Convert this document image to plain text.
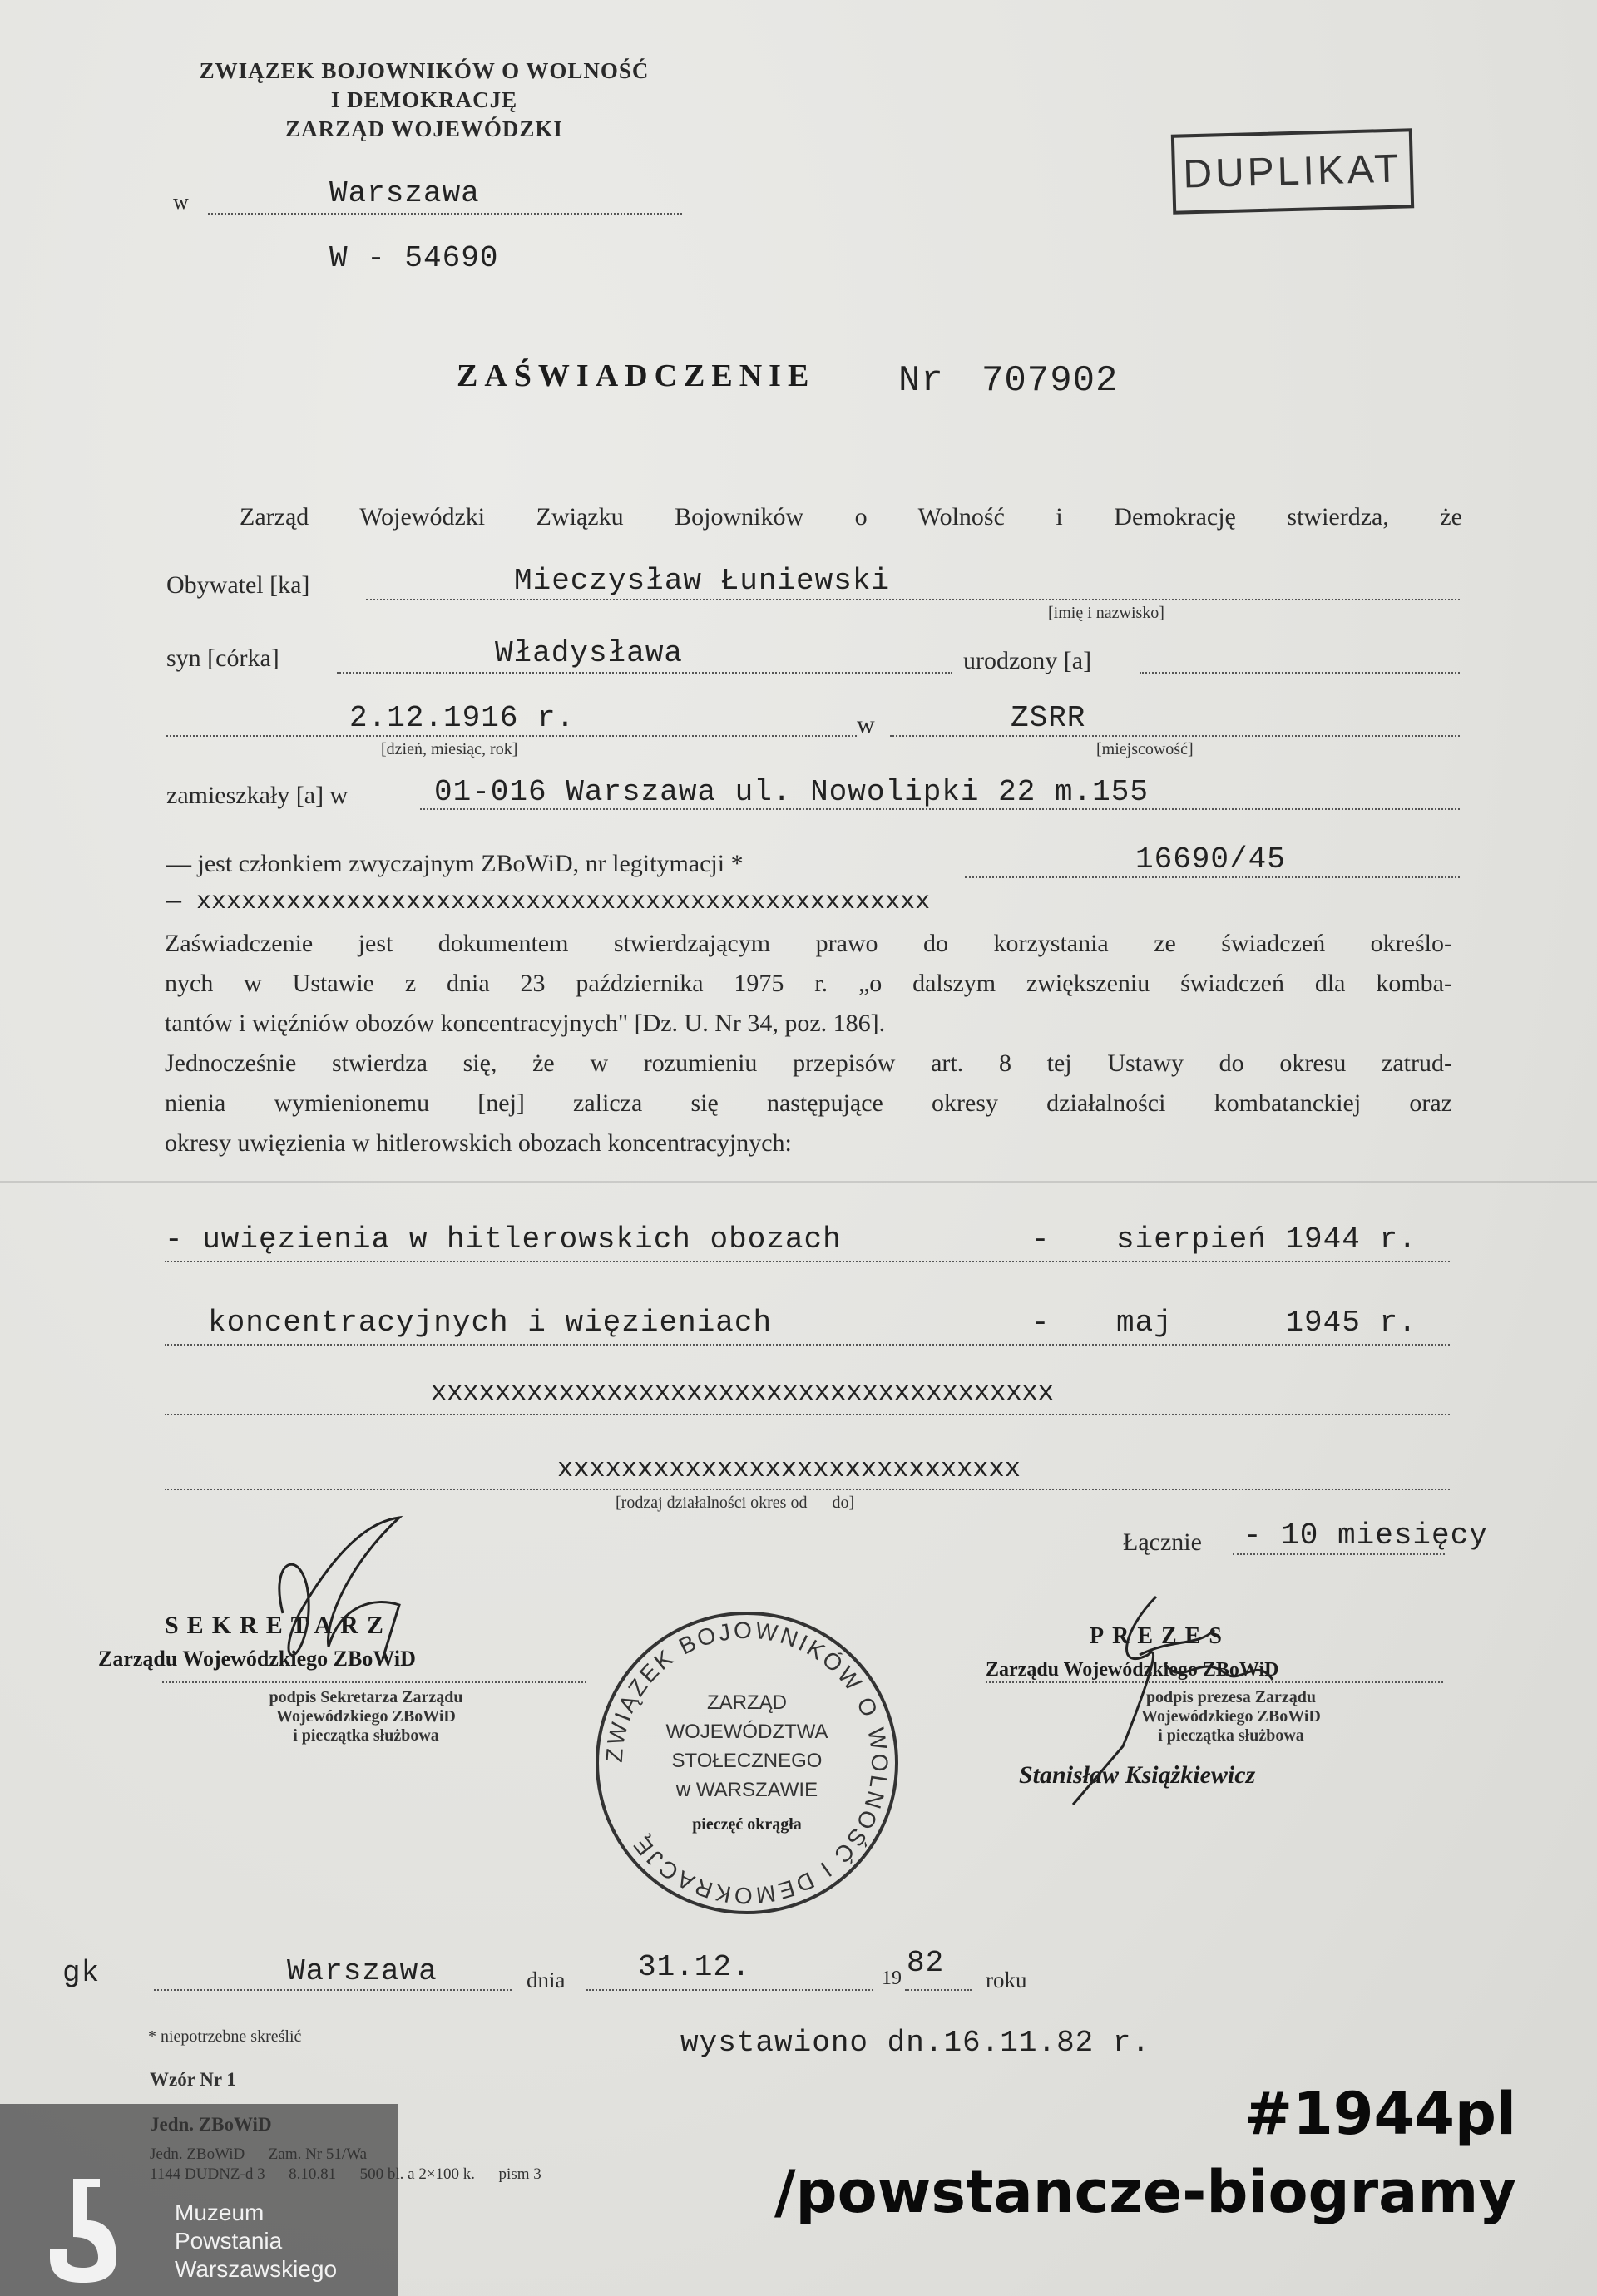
ZWIĄZEK BOJOWNIKÓW O WOLNOŚĆ
I DEMOKRACJĘ
ZARZĄD WOJEWÓDZKI
w	Warszawa
W - 54690
DUPLIKAT
ZAŚWIADCZENIE Nr 707902
Zarząd Wojewódzki Związku Bojowników o Wolność i Demokrację stwierdza, że
Obywatel [ka]	Mieczysław Łuniewski
[imię i nazwisko]
syn [córka]	Władysława	urodzony [a]
2.12.1916 r.
[dzień, miesiąc, rok]
w	ZSRR
[miejscowość]
zamieszkały [a] w	01-016 Warszawa ul. Nowolipki 22 m.155
— jest członkiem zwyczajnym ZBoWiD, nr legitymacji *	16690/45
— xxxxxxxxxxxxxxxxxxxxxxxxxxxxxxxxxxxxxxxxxxxxxxxxx
Zaświadczenie jest dokumentem stwierdzającym prawo do korzystania ze świadczeń określo-
nych w Ustawie z dnia 23 października 1975 r. „o dalszym zwiększeniu świadczeń dla komba-
tantów i więźniów obozów koncentracyjnych" [Dz. U. Nr 34, poz. 186].
Jednocześnie stwierdza się, że w rozumieniu przepisów art. 8 tej Ustawy do okresu zatrud-
nienia wymienionemu [nej] zalicza się następujące okresy działalności kombatanckiej oraz
okresy uwięzienia w hitlerowskich obozach koncentracyjnych:
- uwięzienia w hitlerowskich obozach	- sierpień 1944 r.
koncentracyjnych i więzieniach	- maj      1945 r.
xxxxxxxxxxxxxxxxxxxxxxxxxxxxxxxxxxxxxxx
xxxxxxxxxxxxxxxxxxxxxxxxxxxxx
[rodzaj działalności okres od — do]
Łącznie - 10 miesięcy
SEKRETARZ
Zarządu Wojewódzkiego ZBoWiD
podpis Sekretarza Zarządu
Wojewódzkiego ZBoWiD
i pieczątka służbowa
PREZES
Zarządu Wojewódzkiego ZBoWiD
podpis prezesa Zarządu
Wojewódzkiego ZBoWiD
i pieczątka służbowa
Stanisław Książkiewicz
ZWIĄZEK BOJOWNIKÓW O WOLNOŚĆ I DEMOKRACJĘ
ZARZĄD
WOJEWÓDZTWA
STOŁECZNEGO
w WARSZAWIE
pieczęć okrągła
gk	Warszawa	dnia 31.12.	19 82 roku
* niepotrzebne skreślić	wystawiono dn.16.11.82 r.
Wzór Nr 1
Jedn. ZBoWiD
Jedn. ZBoWiD — Zam. Nr 51/Wa
1144 DUDNZ-d 3 — 8.10.81 — 500 bl. a 2×100 k. — pism 3
Muzeum
Powstania
Warszawskiego
#1944pl
/powstancze-biogramy
